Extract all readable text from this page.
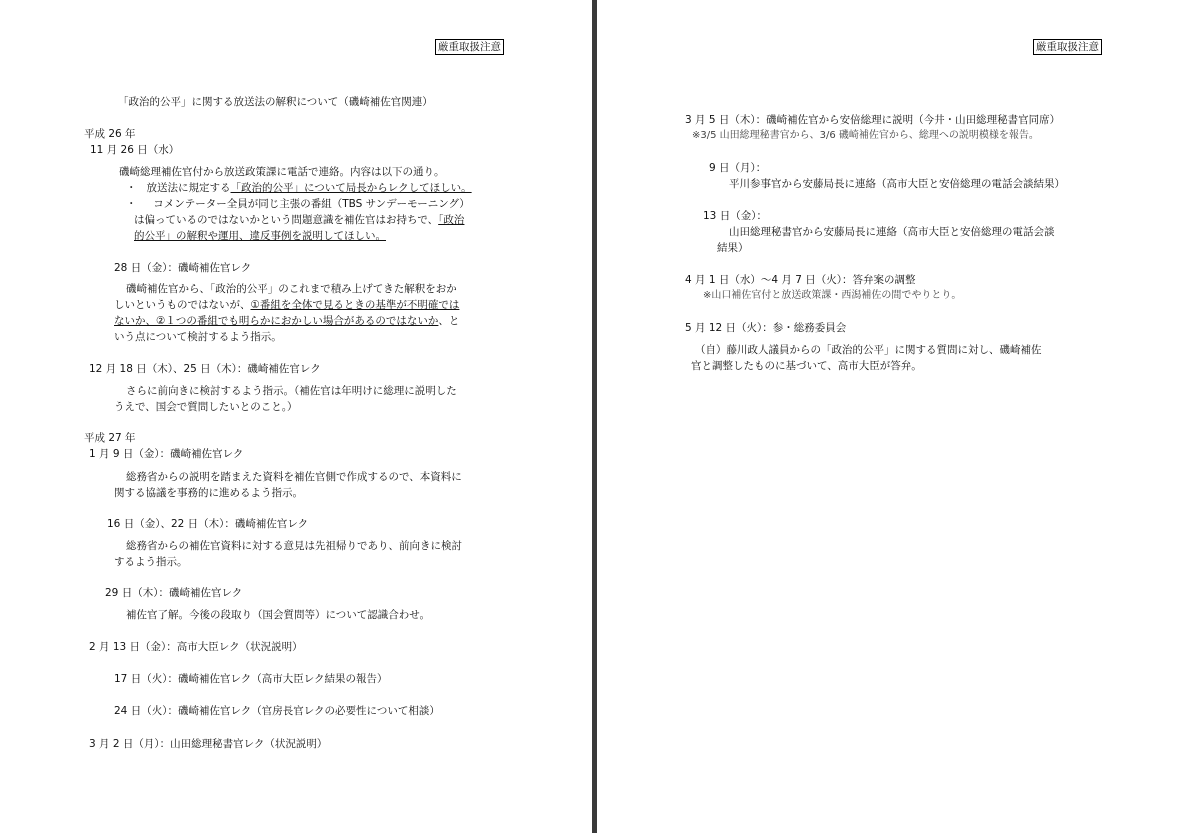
厳重取扱注意
「政治的公平」に関する放送法の解釈について（磯崎補佐官関連）
平成 26 年
11 月 26 日（水）
磯崎総理補佐官付から放送政策課に電話で連絡。内容は以下の通り。
・ 放送法に規定する「政治的公平」について局長からレクしてほしい。
・ コメンテーター全員が同じ主張の番組（TBS サンデーモーニング）
は偏っているのではないかという問題意識を補佐官はお持ちで、「政治
的公平」の解釈や運用、違反事例を説明してほしい。
28 日（金）：磯崎補佐官レク
磯崎補佐官から、「政治的公平」のこれまで積み上げてきた解釈をおか
しいというものではないが、①番組を全体で見るときの基準が不明確では
ないか、②１つの番組でも明らかにおかしい場合があるのではないか、と
いう点について検討するよう指示。
12 月 18 日（木）、25 日（木）：磯崎補佐官レク
さらに前向きに検討するよう指示。（補佐官は年明けに総理に説明した
うえで、国会で質問したいとのこと。）
平成 27 年
1 月 9 日（金）：磯崎補佐官レク
総務省からの説明を踏まえた資料を補佐官側で作成するので、本資料に
関する協議を事務的に進めるよう指示。
16 日（金）、22 日（木）：磯崎補佐官レク
総務省からの補佐官資料に対する意見は先祖帰りであり、前向きに検討
するよう指示。
29 日（木）：磯崎補佐官レク
補佐官了解。今後の段取り（国会質問等）について認識合わせ。
2 月 13 日（金）：高市大臣レク（状況説明）
17 日（火）：磯崎補佐官レク（高市大臣レク結果の報告）
24 日（火）：磯崎補佐官レク（官房長官レクの必要性について相談）
3 月 2 日（月）：山田総理秘書官レク（状況説明）
厳重取扱注意
3 月 5 日（木）：磯崎補佐官から安倍総理に説明（今井・山田総理秘書官同席）
※3/5 山田総理秘書官から、3/6 磯崎補佐官から、総理への説明模様を報告。
9 日（月）：
平川参事官から安藤局長に連絡（高市大臣と安倍総理の電話会談結果）
13 日（金）：
山田総理秘書官から安藤局長に連絡（高市大臣と安倍総理の電話会談
結果）
4 月 1 日（水）～4 月 7 日（火）：答弁案の調整
※山口補佐官付と放送政策課・西潟補佐の間でやりとり。
5 月 12 日（火）：参・総務委員会
（自）藤川政人議員からの「政治的公平」に関する質問に対し、磯崎補佐
官と調整したものに基づいて、高市大臣が答弁。
